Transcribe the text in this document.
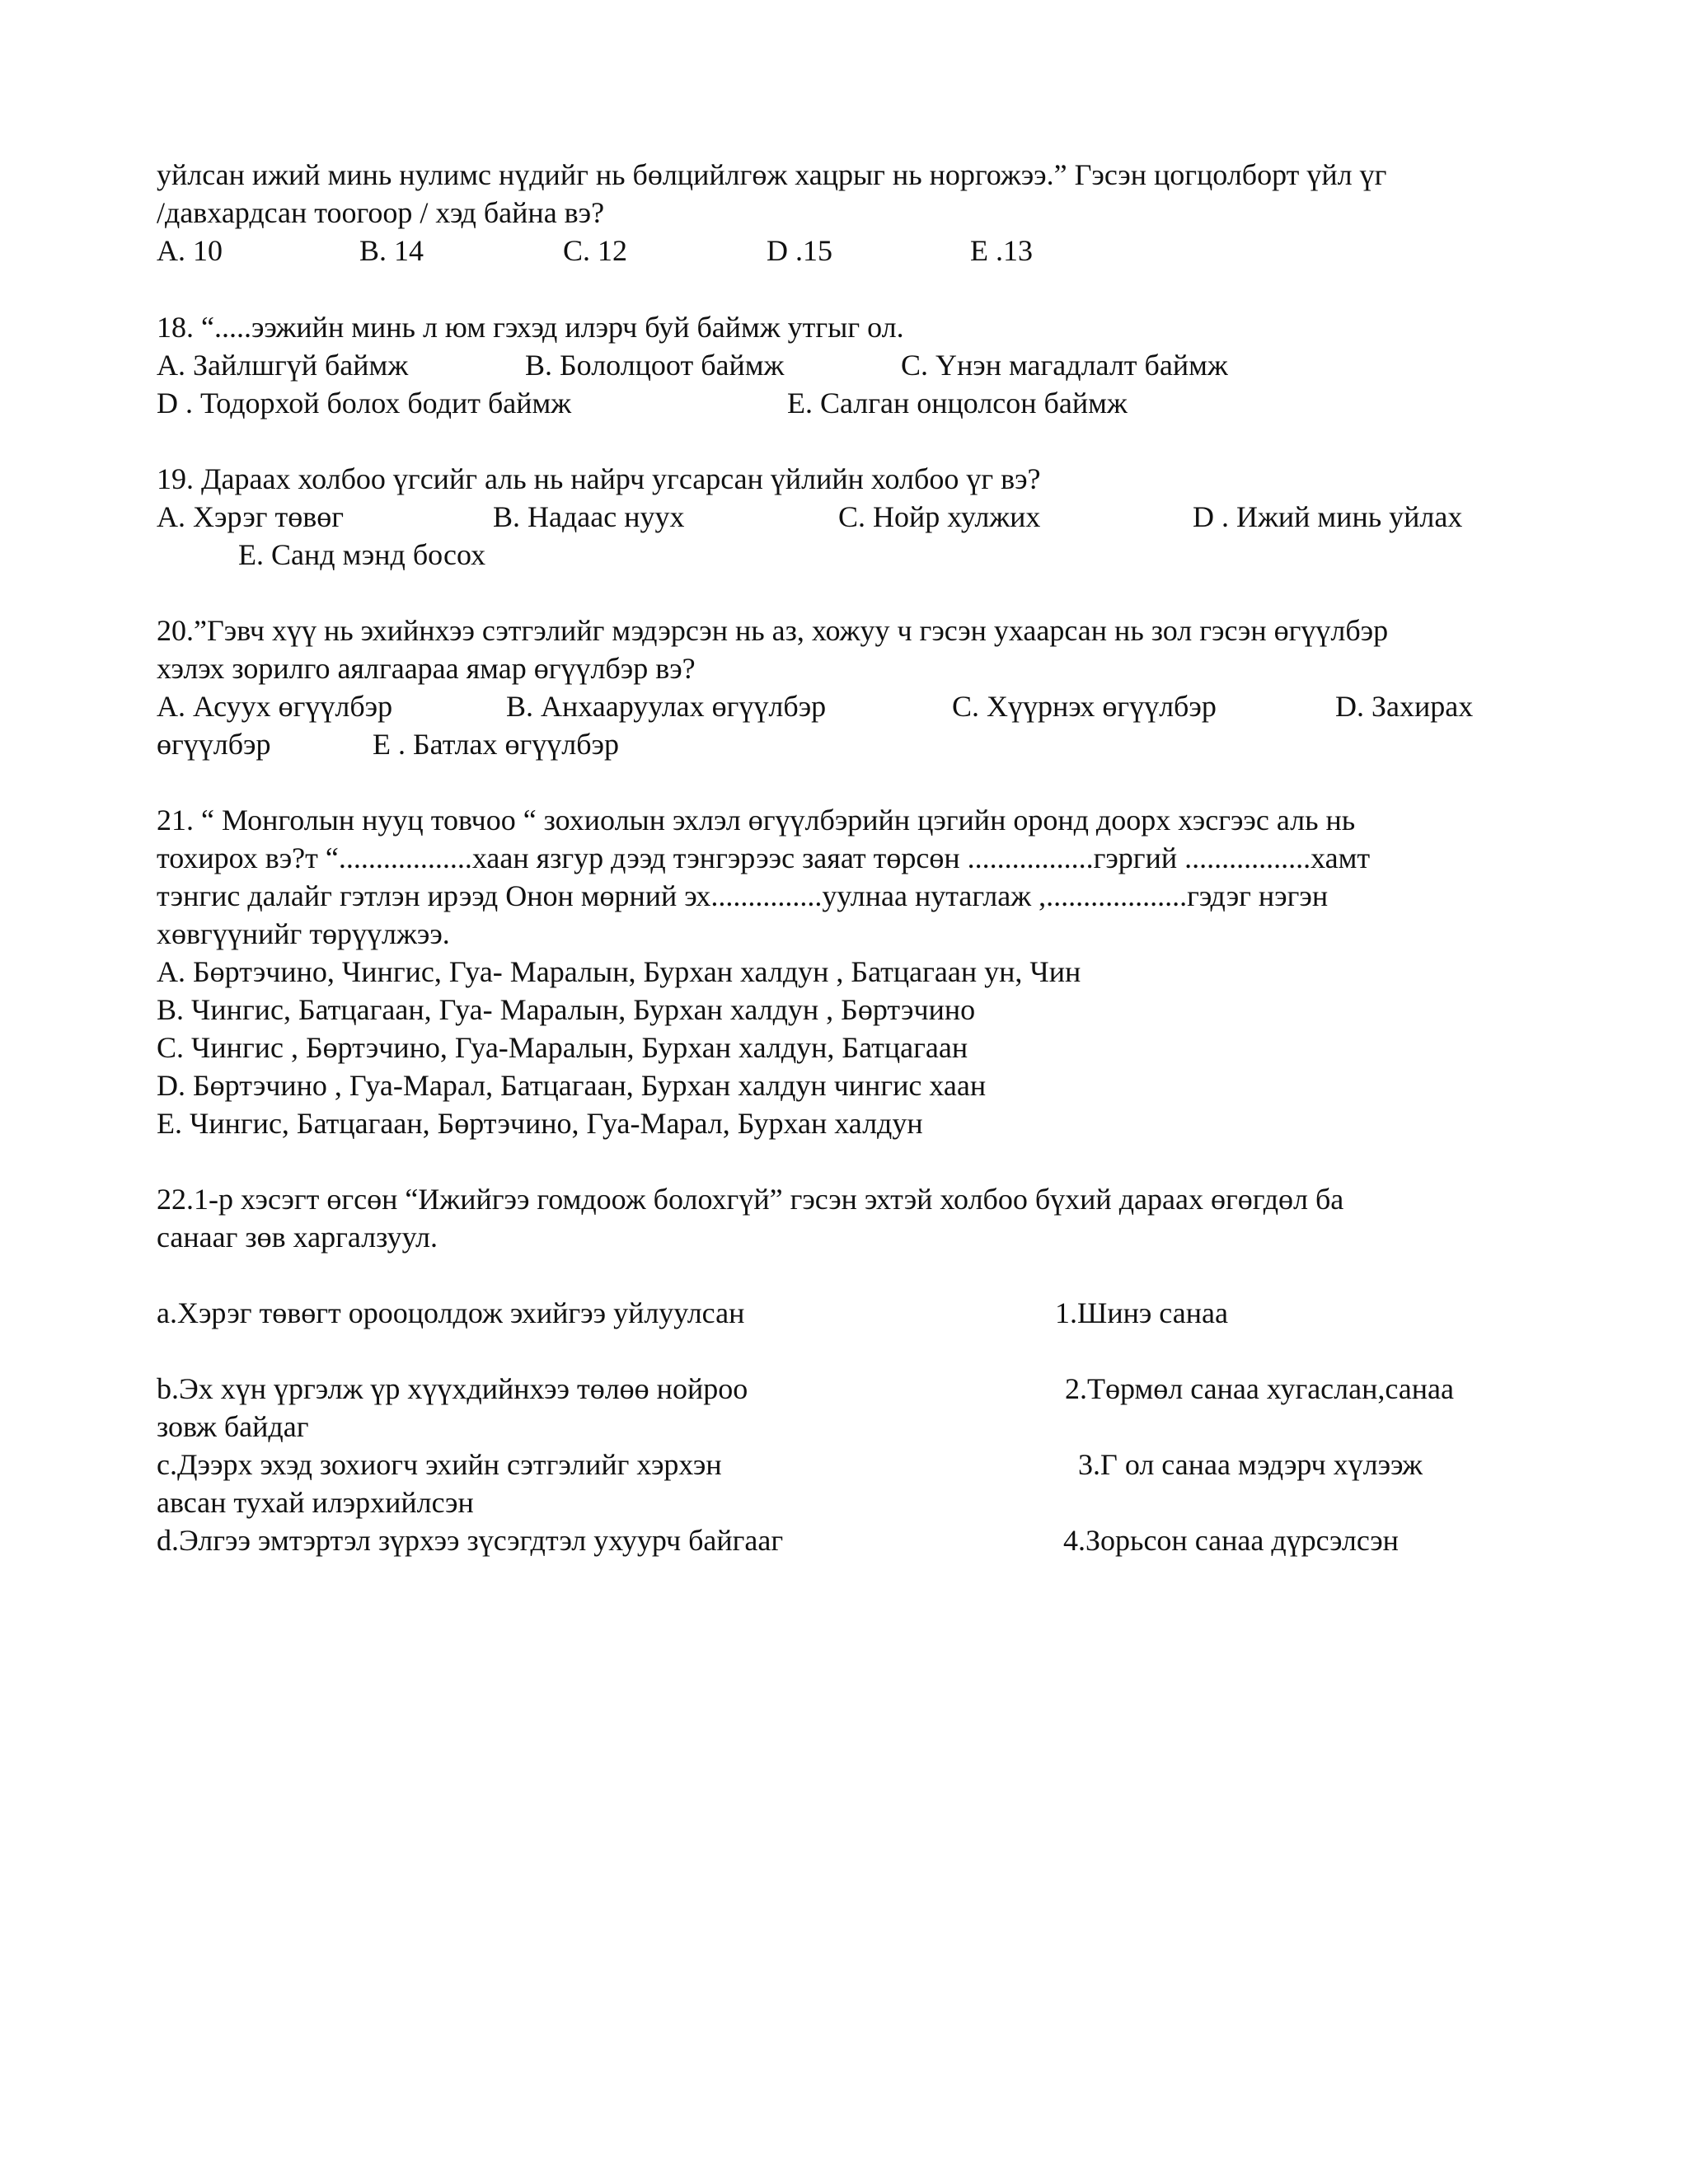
уйлсан ижий минь нулимс нүдийг нь бөлцийлгөж хацрыг нь норгожээ.” Гэсэн цогцолборт үйл үг
/давхардсан тоогоор / хэд байна вэ?
А. 10	В. 14	С. 12	D .15	Е .13
18. “.....ээжийн минь л юм гэхэд илэрч буй баймж утгыг ол.
А. Зайлшгүй баймж	В. Бололцоот баймж	С. Үнэн магадлалт баймж
D . Тодорхой болох бодит баймж	Е. Салган онцолсон баймж
19. Дараах холбоо үгсийг аль нь найрч угсарсан үйлийн холбоо үг вэ?
А. Хэрэг төвөг	В. Надаас нуух	С. Нойр хулжих	D . Ижий минь уйлах
Е. Санд мэнд босох
20.”Гэвч хүү нь эхийнхээ сэтгэлийг мэдэрсэн нь аз, хожуу ч гэсэн ухаарсан нь зол гэсэн өгүүлбэр
хэлэх зорилго аялгаараа ямар өгүүлбэр вэ?
А. Асуух өгүүлбэр	В. Анхааруулах өгүүлбэр	С. Хүүрнэх өгүүлбэр	D. Захирах
өгүүлбэр	Е . Батлах өгүүлбэр
21. “ Монголын нууц товчоо “ зохиолын эхлэл өгүүлбэрийн цэгийн оронд доорх хэсгээс аль нь
тохирох вэ?т “..................хаан язгур дээд тэнгэрээс заяат төрсөн .................гэргий .................хамт
тэнгис далайг гэтлэн ирээд Онон мөрний эх...............уулнаа нутаглаж ,...................гэдэг нэгэн
хөвгүүнийг төрүүлжээ.
А. Бөртэчино, Чингис, Гуа- Маралын, Бурхан халдун , Батцагаан ун, Чин
В. Чингис, Батцагаан, Гуа- Маралын, Бурхан халдун , Бөртэчино
С. Чингис , Бөртэчино, Гуа-Маралын, Бурхан халдун, Батцагаан
D. Бөртэчино , Гуа-Марал, Батцагаан, Бурхан халдун чингис хаан
Е. Чингис, Батцагаан, Бөртэчино, Гуа-Марал, Бурхан халдун
22.1-р хэсэгт өгсөн “Ижийгээ гомдоож болохгүй” гэсэн эхтэй холбоо бүхий дараах өгөгдөл ба
санааг зөв харгалзуул.
a.Хэрэг төвөгт орооцолдож эхийгээ уйлуулсан	1.Шинэ санаа
b.Эх хүн үргэлж үр хүүхдийнхээ төлөө нойроо	2.Төрмөл санаа хугаслан,санаа
зовж байдаг
c.Дээрх эхэд зохиогч эхийн сэтгэлийг хэрхэн	3.Г ол санаа мэдэрч хүлээж
авсан тухай илэрхийлсэн
d.Элгээ эмтэртэл зүрхээ зүсэгдтэл ухуурч байгааг	4.Зорьсон санаа дүрсэлсэн
